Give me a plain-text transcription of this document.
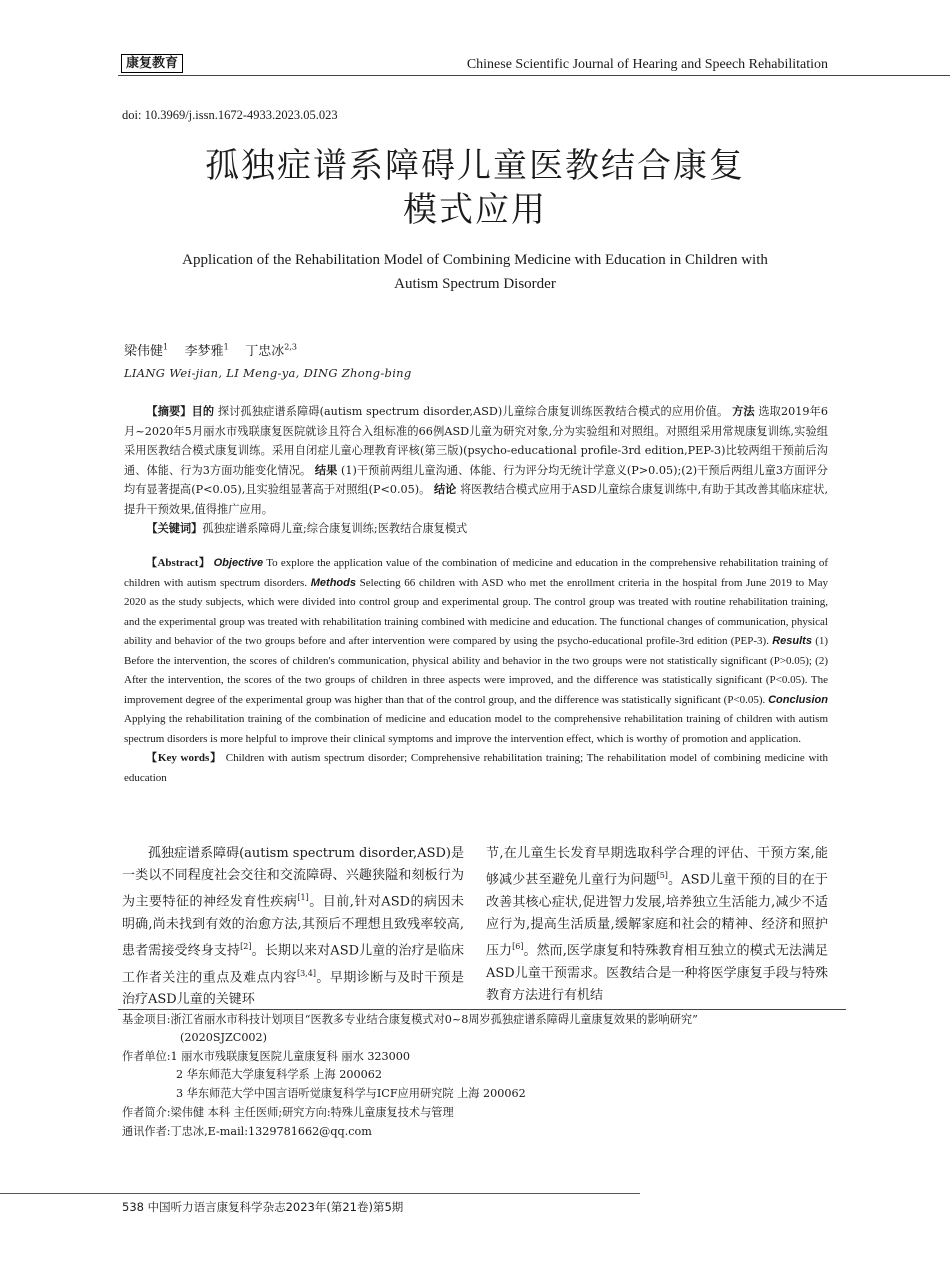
康复教育	Chinese Scientific Journal of Hearing and Speech Rehabilitation
doi: 10.3969/j.issn.1672-4933.2023.05.023
孤独症谱系障碍儿童医教结合康复
模式应用
Application of the Rehabilitation Model of Combining Medicine with Education in Children with
Autism Spectrum Disorder
梁伟健$^1$ 李梦雅$^1$ 丁忠冰$^{2,3}$
LIANG Wei-jian, LI Meng-ya, DING Zhong-bing
【摘要】目的 探讨孤独症谱系障碍(autism spectrum disorder,ASD)儿童综合康复训练医教结合模式的应用价值。 方法 选取2019年6月~2020年5月丽水市残联康复医院就诊且符合入组标准的66例ASD儿童为研究对象,分为实验组和对照组。对照组采用常规康复训练,实验组采用医教结合模式康复训练。采用自闭症儿童心理教育评核(第三版)(psycho-educational profile-3rd edition,PEP-3)比较两组干预前后沟通、体能、行为3方面功能变化情况。 结果 (1)干预前两组儿童沟通、体能、行为评分均无统计学意义(P>0.05);(2)干预后两组儿童3方面评分均有显著提高(P<0.05),且实验组显著高于对照组(P<0.05)。 结论 将医教结合模式应用于ASD儿童综合康复训练中,有助于其改善其临床症状,提升干预效果,值得推广应用。
【关键词】孤独症谱系障碍儿童;综合康复训练;医教结合康复模式
【Abstract】 Objective To explore the application value of the combination of medicine and education in the comprehensive rehabilitation training of children with autism spectrum disorders. Methods Selecting 66 children with ASD who met the enrollment criteria in the hospital from June 2019 to May 2020 as the study subjects, which were divided into control group and experimental group. The control group was treated with routine rehabilitation training, and the experimental group was treated with rehabilitation training combined with medicine and education. The functional changes of communication, physical ability and behavior of the two groups before and after intervention were compared by using the psycho-educational profile-3rd edition (PEP-3). Results (1) Before the intervention, the scores of children's communication, physical ability and behavior in the two groups were not statistically significant (P>0.05); (2) After the intervention, the scores of the two groups of children in three aspects were improved, and the difference was statistically significant (P<0.05). The improvement degree of the experimental group was higher than that of the control group, and the difference was statistically significant (P<0.05). Conclusion Applying the rehabilitation training of the combination of medicine and education model to the comprehensive rehabilitation training of children with autism spectrum disorders is more helpful to improve their clinical symptoms and improve the intervention effect, which is worthy of promotion and application.
【Key words】 Children with autism spectrum disorder; Comprehensive rehabilitation training; The rehabilitation model of combining medicine with education
孤独症谱系障碍(autism spectrum disorder,ASD)是一类以不同程度社会交往和交流障碍、兴趣狭隘和刻板行为为主要特征的神经发育性疾病[1]。目前,针对ASD的病因未明确,尚未找到有效的治愈方法,其预后不理想且致残率较高,患者需接受终身支持[2]。长期以来对ASD儿童的治疗是临床工作者关注的重点及难点内容[3,4]。早期诊断与及时干预是治疗ASD儿童的关键环
节,在儿童生长发育早期选取科学合理的评估、干预方案,能够减少甚至避免儿童行为问题[5]。ASD儿童干预的目的在于改善其核心症状,促进智力发展,培养独立生活能力,减少不适应行为,提高生活质量,缓解家庭和社会的精神、经济和照护压力[6]。然而,医学康复和特殊教育相互独立的模式无法满足ASD儿童干预需求。医教结合是一种将医学康复手段与特殊教育方法进行有机结
基金项目:浙江省丽水市科技计划项目“医教多专业结合康复模式对0~8周岁孤独症谱系障碍儿童康复效果的影响研究”
(2020SJZC002)
作者单位:1 丽水市残联康复医院儿童康复科 丽水 323000
2 华东师范大学康复科学系 上海 200062
3 华东师范大学中国言语听觉康复科学与ICF应用研究院 上海 200062
作者简介:梁伟健 本科 主任医师;研究方向:特殊儿童康复技术与管理
通讯作者:丁忠冰,E-mail:1329781662@qq.com
538 中国听力语言康复科学杂志2023年(第21卷)第5期
